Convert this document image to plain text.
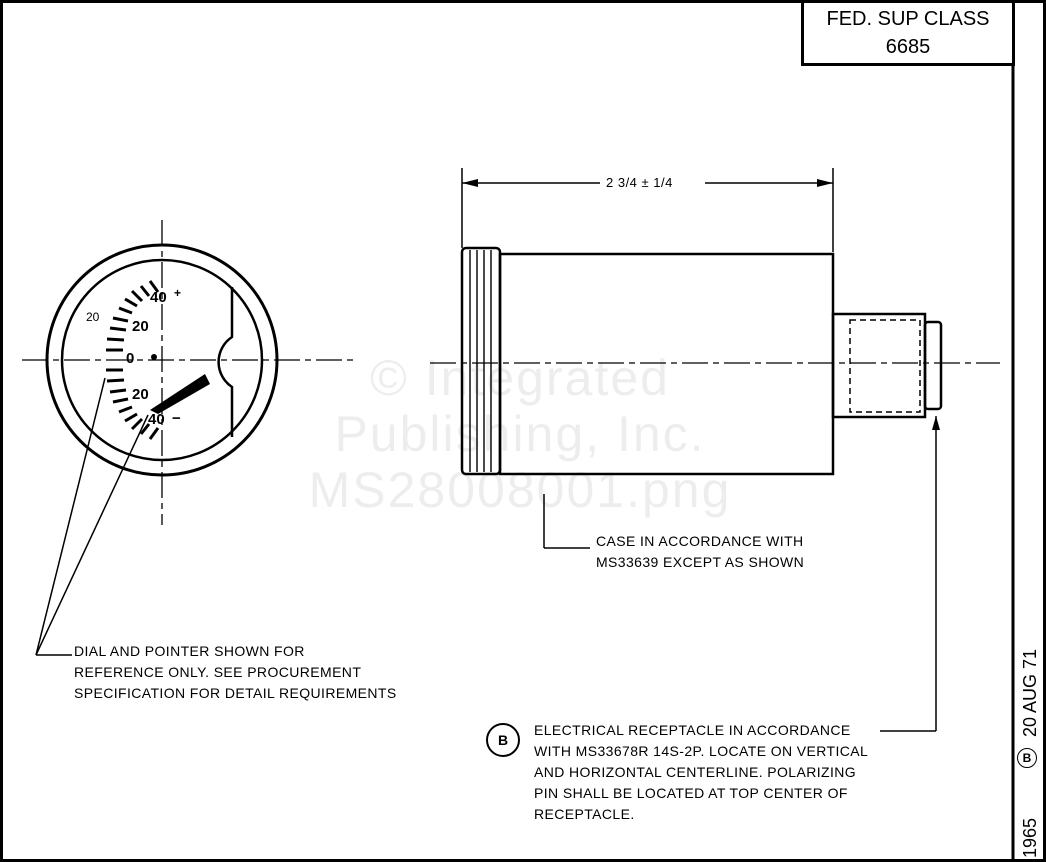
© Integrated
Publishing, Inc.
MS28008001.png
FED. SUP CLASS
6685
20 AUG 71
B
1965
2 3/4 ± 1/4
40 +
20
20
0
20
40 −
CASE IN ACCORDANCE WITH
MS33639 EXCEPT AS SHOWN
DIAL AND POINTER SHOWN FOR
REFERENCE ONLY. SEE PROCUREMENT
SPECIFICATION FOR DETAIL REQUIREMENTS
B
ELECTRICAL RECEPTACLE IN ACCORDANCE
WITH MS33678R 14S-2P. LOCATE ON VERTICAL
AND HORIZONTAL CENTERLINE. POLARIZING
PIN SHALL BE LOCATED AT TOP CENTER OF
RECEPTACLE.
